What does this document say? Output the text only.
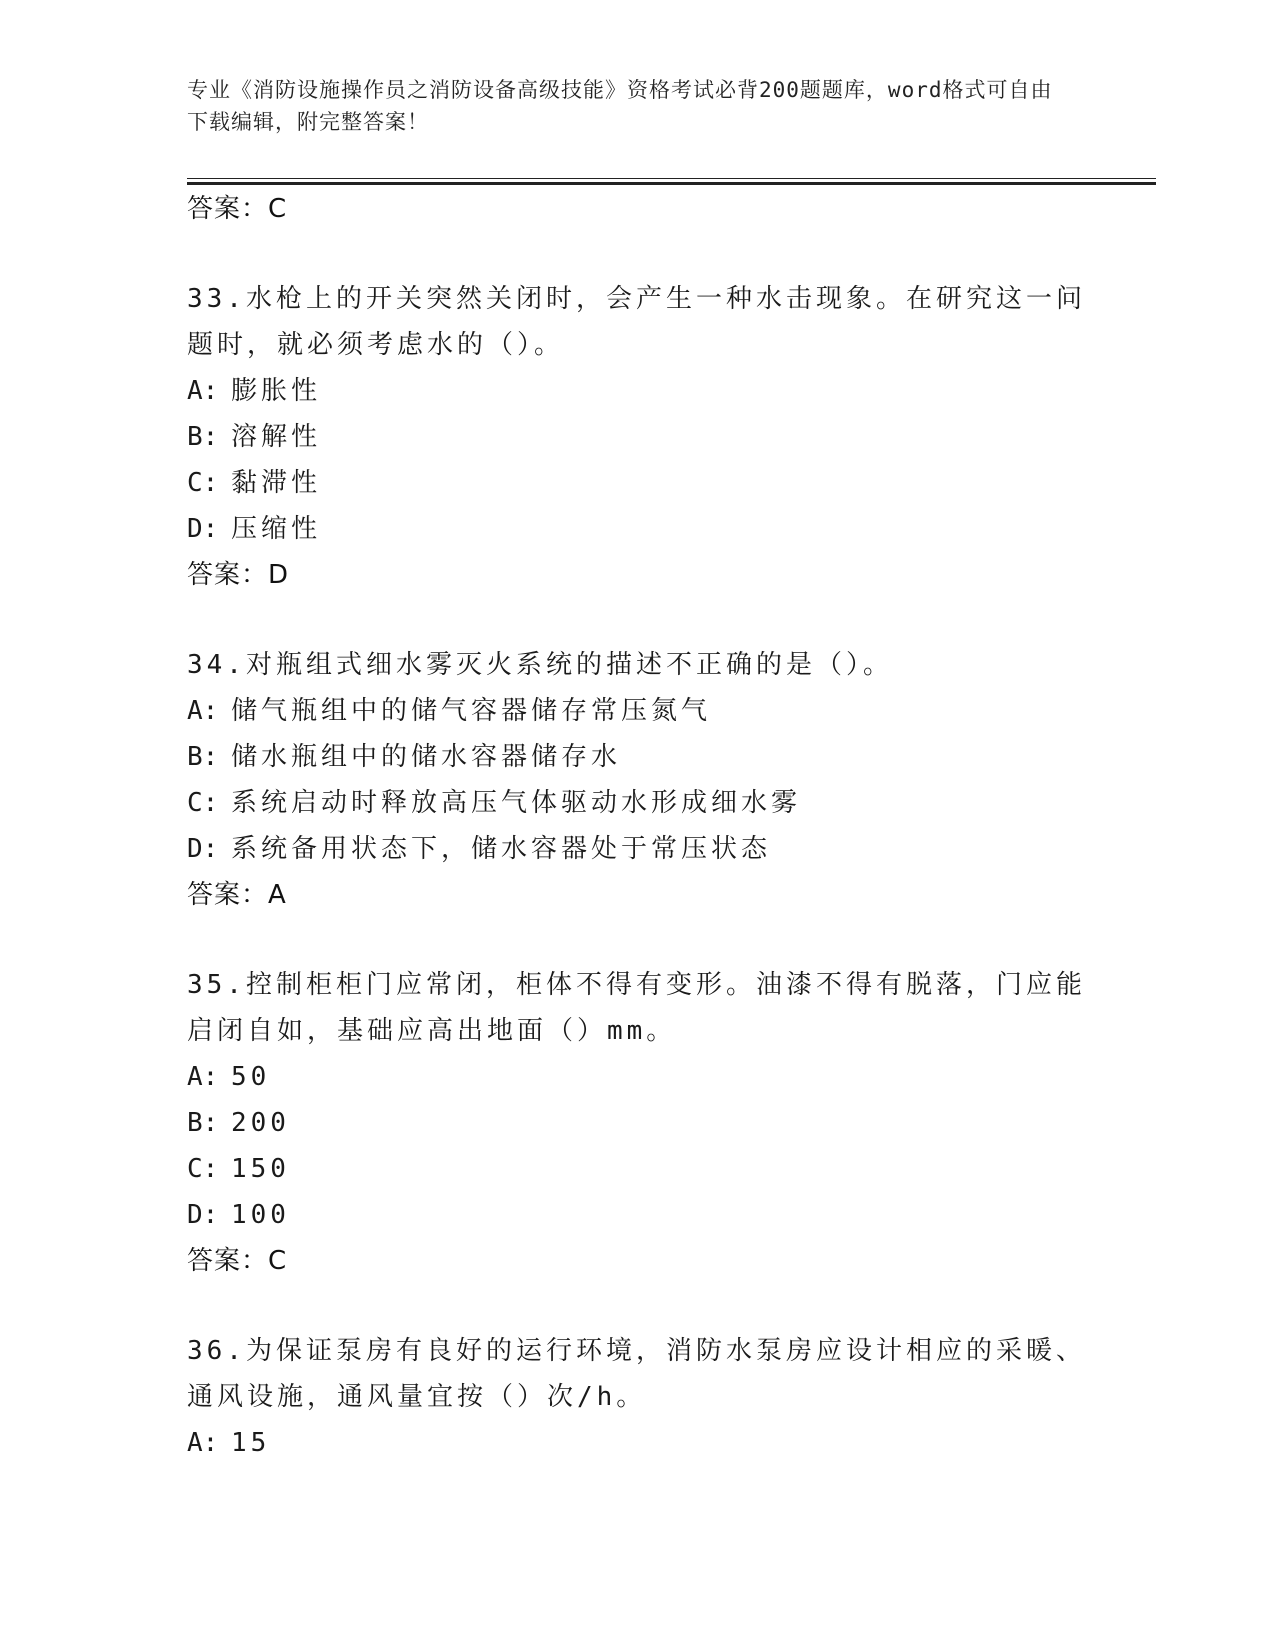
专业《消防设施操作员之消防设备高级技能》资格考试必背200题题库，word格式可自由下载编辑，附完整答案！
答案：C
33.水枪上的开关突然关闭时，会产生一种水击现象。在研究这一问题时，就必须考虑水的（）。
A: 膨胀性
B: 溶解性
C: 黏滞性
D: 压缩性
答案：D
34.对瓶组式细水雾灭火系统的描述不正确的是（）。
A: 储气瓶组中的储气容器储存常压氮气
B: 储水瓶组中的储水容器储存水
C: 系统启动时释放高压气体驱动水形成细水雾
D: 系统备用状态下，储水容器处于常压状态
答案：A
35.控制柜柜门应常闭，柜体不得有变形。油漆不得有脱落，门应能启闭自如，基础应高出地面（）mm。
A: 50
B: 200
C: 150
D: 100
答案：C
36.为保证泵房有良好的运行环境，消防水泵房应设计相应的采暖、通风设施，通风量宜按（）次/h。
A: 15
